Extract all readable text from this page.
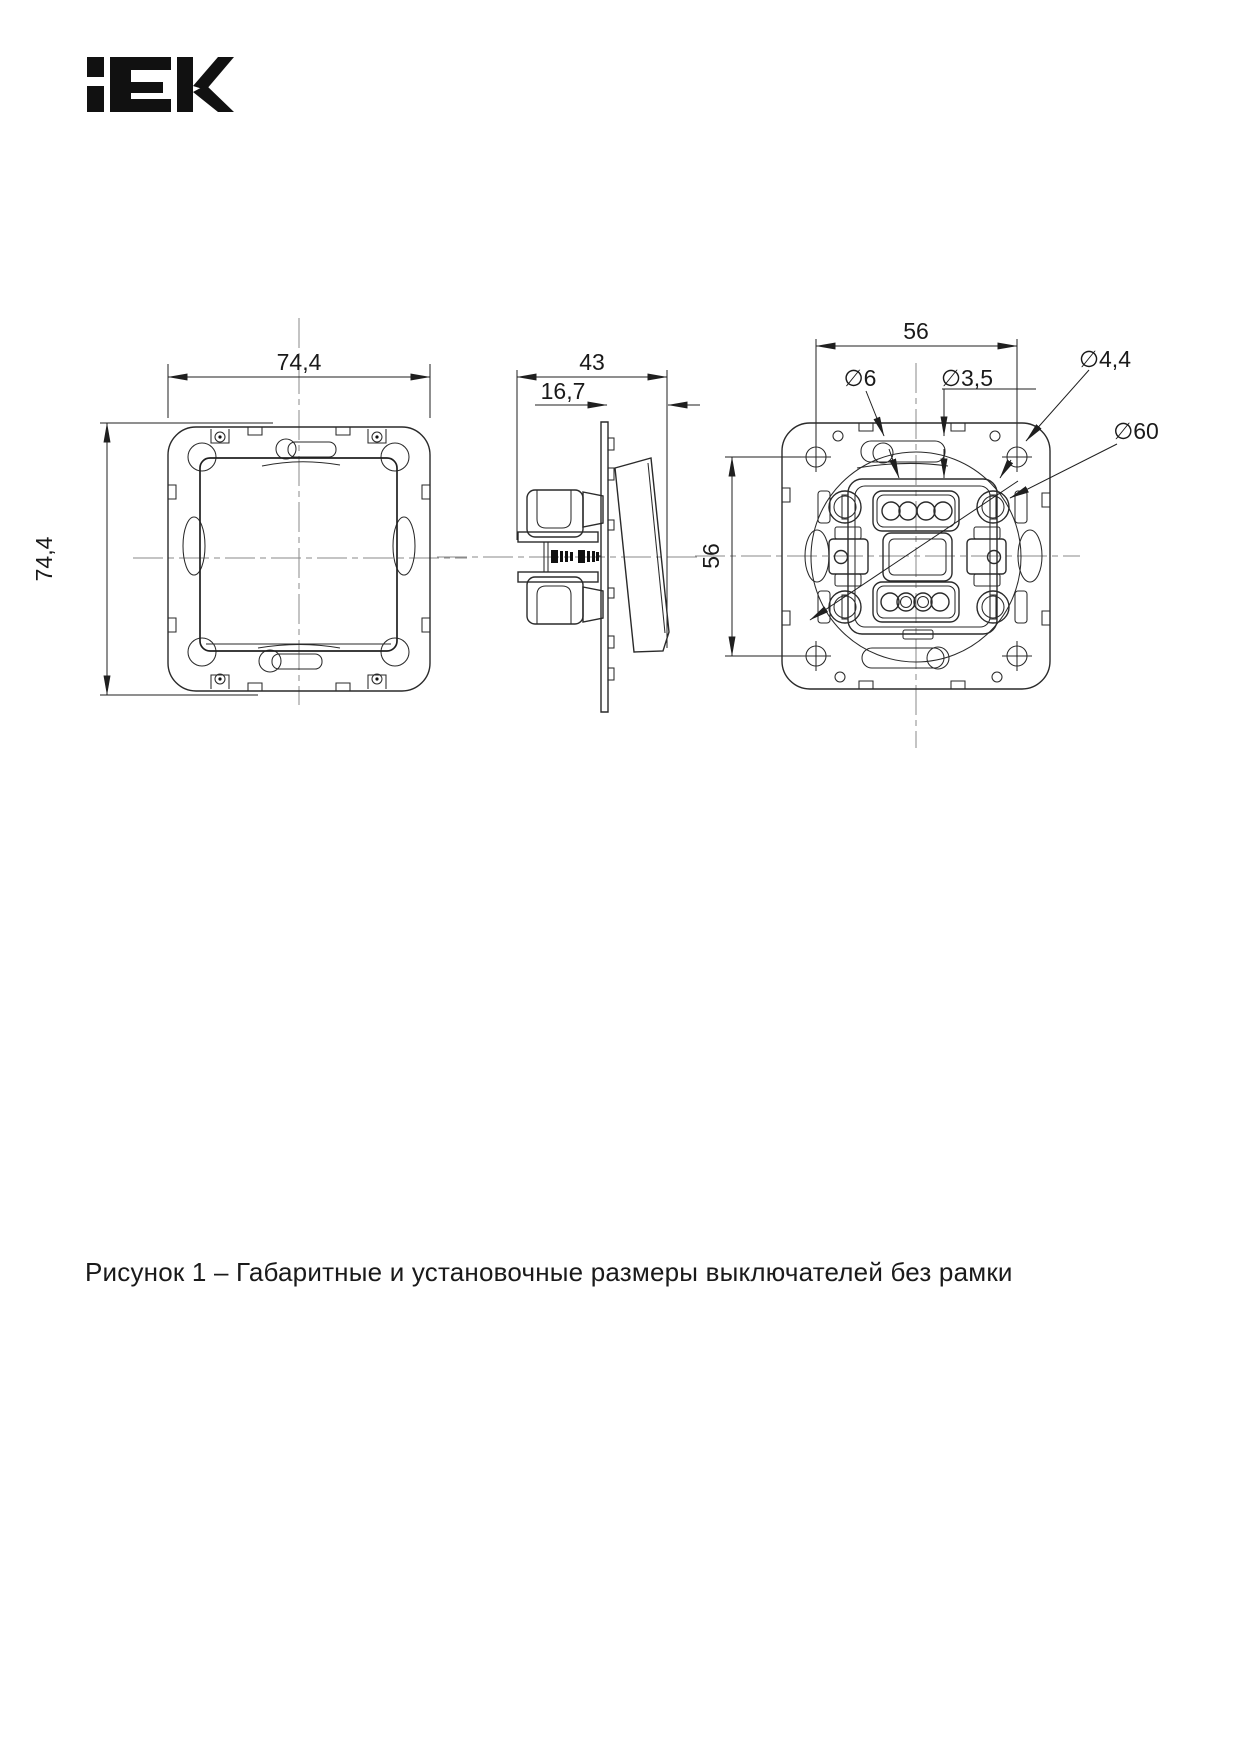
74,4
74,4
43
16,7
56
56
∅6	∅3,5
∅4,4
∅60
Рисунок 1 – Габаритные и установочные размеры выключателей без рамки
